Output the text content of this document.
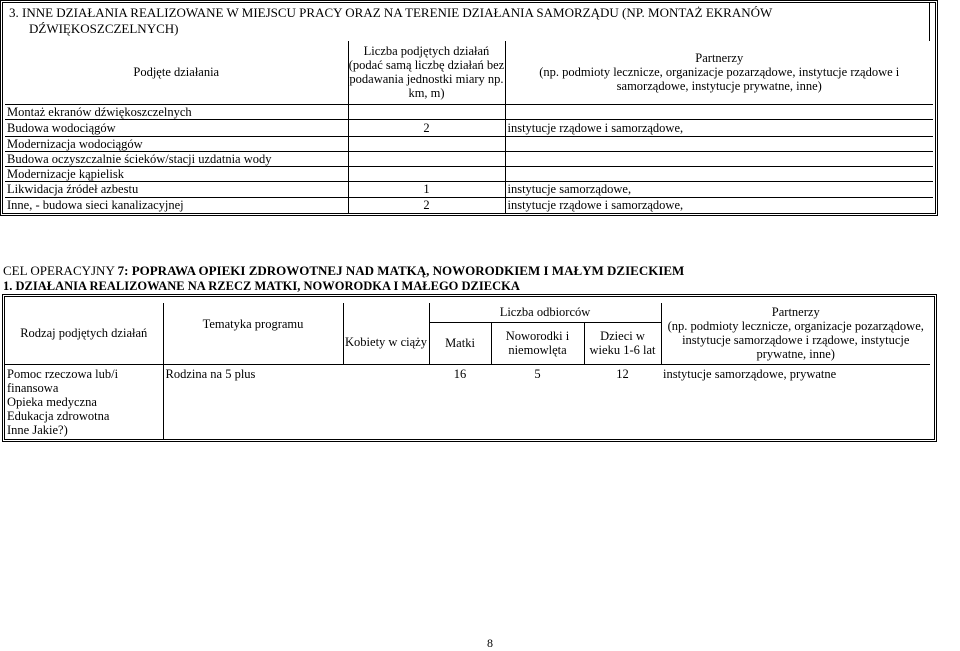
3. INNE DZIAŁANIA REALIZOWANE W MIEJSCU PRACY ORAZ NA TERENIE DZIAŁANIA SAMORZĄDU (NP. MONTAŻ EKRANÓW
DŹWIĘKOSZCZELNYCH)
Podjęte działania	Liczba podjętych działań (podać samą liczbę działań bez podawania jednostki miary np. km, m)	Partnerzy
(np. podmioty lecznicze, organizacje pozarządowe, instytucje rządowe i samorządowe, instytucje prywatne, inne)

Montaż ekranów dźwiękoszczelnych		
Budowa wodociągów	2	instytucje rządowe i samorządowe,
Modernizacja wodociągów		
Budowa oczyszczalnie ścieków/stacji uzdatnia wody		
Modernizacje kąpielisk		
Likwidacja źródeł azbestu	1	instytucje samorządowe,
Inne, - budowa sieci kanalizacyjnej	2	instytucje rządowe i samorządowe,
CEL OPERACYJNY 7: POPRAWA OPIEKI ZDROWOTNEJ NAD MATKĄ, NOWORODKIEM I MAŁYM DZIECKIEM
1. DZIAŁANIA REALIZOWANE NA RZECZ MATKI, NOWORODKA I MAŁEGO DZIECKA
Rodzaj podjętych działań	Tematyka programu	Kobiety w ciąży	Liczba odbiorców			Partnerzy
(np. podmioty lecznicze, organizacje pozarządowe, instytucje samorządowe i rządowe, instytucje prywatne, inne)

			Matki	Noworodki i niemowlęta	Dzieci w wieku 1-6 lat	

Pomoc rzeczowa lub/i finansowa
Opieka medyczna
Edukacja zdrowotna
Inne Jakie?)	Rodzina na 5 plus		16	5	12	instytucje samorządowe, prywatne
8
